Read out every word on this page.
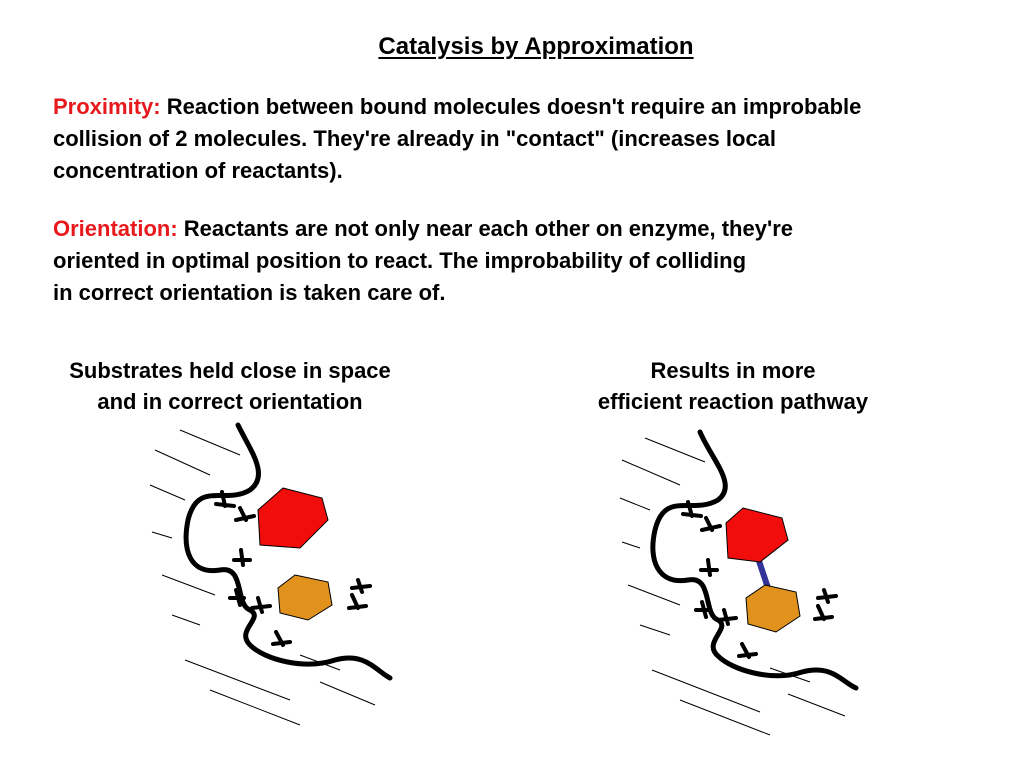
Catalysis by Approximation

Proximity: Reaction between bound molecules doesn't require an improbable
collision of 2 molecules. They're already in "contact" (increases local
concentration of reactants).

Orientation: Reactants are not only near each other on enzyme, they're
oriented in optimal position to react. The improbability of colliding
in correct orientation is taken care of.

Substrates held close in space
and in correct orientation
Results in more
efficient reaction pathway
